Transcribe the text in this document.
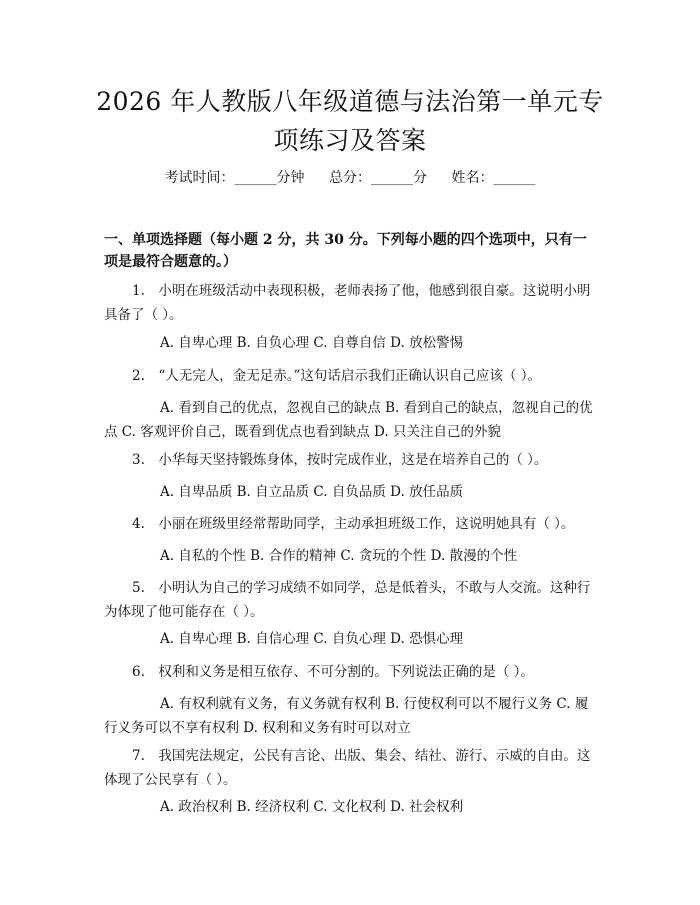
2026 年人教版八年级道德与法治第一单元专
项练习及答案
考试时间：______分钟 总分：______分 姓名：______
一、单项选择题（每小题 2 分，共 30 分。下列每小题的四个选项中，只有一项是最符合题意的。）
1.　小明在班级活动中表现积极，老师表扬了他，他感到很自豪。这说明小明具备了（ ）。
A. 自卑心理 B. 自负心理 C. 自尊自信 D. 放松警惕
2.　“人无完人，金无足赤。”这句话启示我们正确认识自己应该（ ）。
A. 看到自己的优点，忽视自己的缺点 B. 看到自己的缺点，忽视自己的优点 C. 客观评价自己，既看到优点也看到缺点 D. 只关注自己的外貌
3.　小华每天坚持锻炼身体，按时完成作业，这是在培养自己的（ ）。
A. 自卑品质 B. 自立品质 C. 自负品质 D. 放任品质
4.　小丽在班级里经常帮助同学，主动承担班级工作，这说明她具有（ ）。
A. 自私的个性 B. 合作的精神 C. 贪玩的个性 D. 散漫的个性
5.　小明认为自己的学习成绩不如同学，总是低着头，不敢与人交流。这种行为体现了他可能存在（ ）。
A. 自卑心理 B. 自信心理 C. 自负心理 D. 恐惧心理
6.　权利和义务是相互依存、不可分割的。下列说法正确的是（ ）。
A. 有权利就有义务，有义务就有权利 B. 行使权利可以不履行义务 C. 履行义务可以不享有权利 D. 权利和义务有时可以对立
7.　我国宪法规定，公民有言论、出版、集会、结社、游行、示威的自由。这体现了公民享有（ ）。
A. 政治权利 B. 经济权利 C. 文化权利 D. 社会权利
